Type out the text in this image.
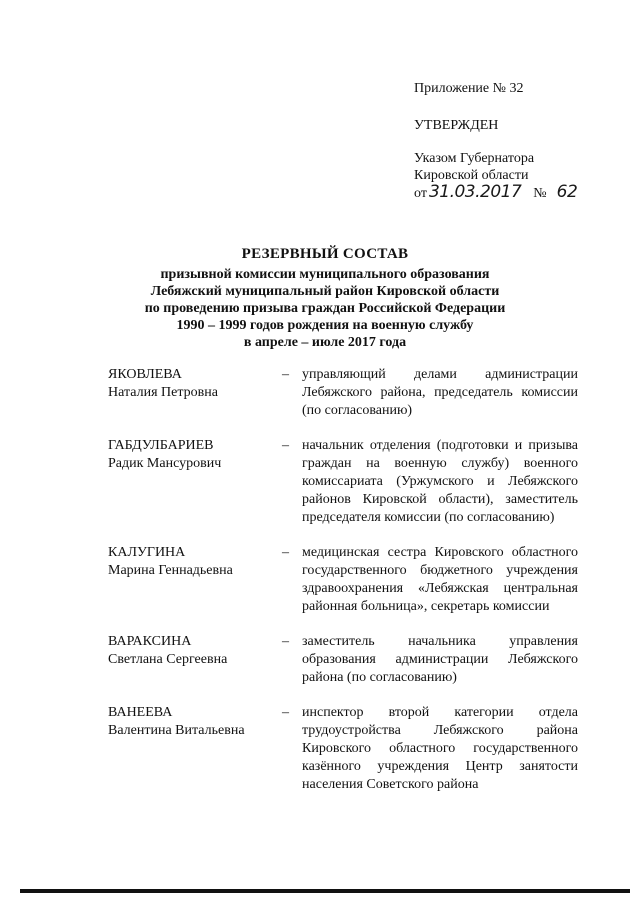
Приложение № 32
УТВЕРЖДЕН
Указом Губернатора
Кировской области
от 31.03.2017 № 62
РЕЗЕРВНЫЙ СОСТАВ
призывной комиссии муниципального образования
Лебяжский муниципальный район Кировской области
по проведению призыва граждан Российской Федерации
1990 – 1999 годов рождения на военную службу
в апреле – июле 2017 года
ЯКОВЛЕВА
Наталия Петровна
– управляющий делами администрации Лебяжского района, председатель комиссии (по согласованию)
ГАБДУЛБАРИЕВ
Радик Мансурович
– начальник отделения (подготовки и призыва граждан на военную службу) военного комиссариата (Уржумского и Лебяжского районов Кировской области), заместитель председателя комиссии (по согласованию)
КАЛУГИНА
Марина Геннадьевна
– медицинская сестра Кировского областного государственного бюджетного учреждения здравоохранения «Лебяжская центральная районная больница», секретарь комиссии
ВАРАКСИНА
Светлана Сергеевна
– заместитель начальника управления образования администрации Лебяжского района (по согласованию)
ВАНЕЕВА
Валентина Витальевна
– инспектор второй категории отдела трудоустройства Лебяжского района Кировского областного государственного казённого учреждения Центр занятости населения Советского района
